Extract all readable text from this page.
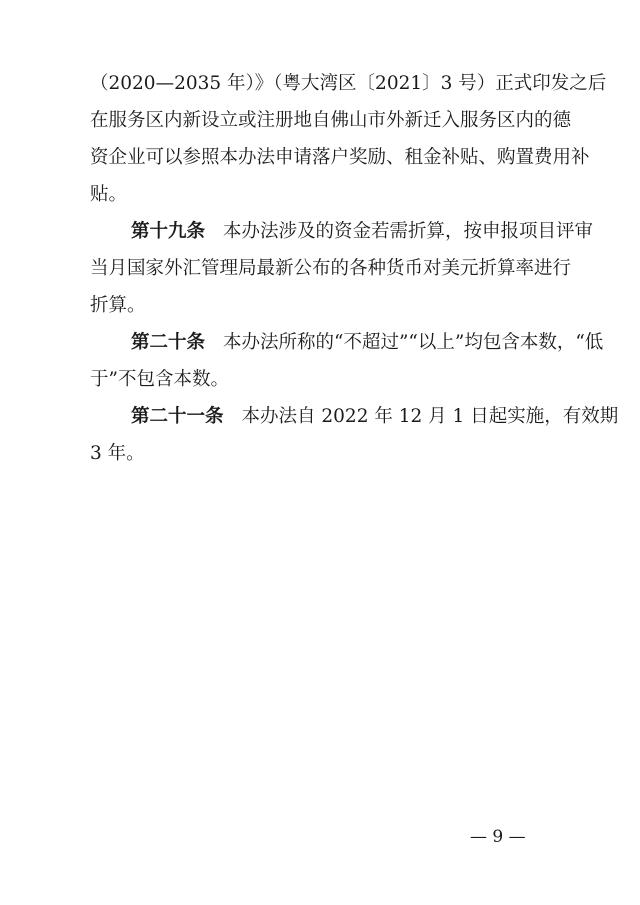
（2020—2035 年）》（粤大湾区〔2021〕3 号）正式印发之后
在服务区内新设立或注册地自佛山市外新迁入服务区内的德
资企业可以参照本办法申请落户奖励、租金补贴、购置费用补
贴。
第十九条 本办法涉及的资金若需折算，按申报项目评审
当月国家外汇管理局最新公布的各种货币对美元折算率进行
折算。
第二十条 本办法所称的“不超过”“以上”均包含本数，“低
于”不包含本数。
第二十一条 本办法自 2022 年 12 月 1 日起实施，有效期
3 年。
— 9 —
